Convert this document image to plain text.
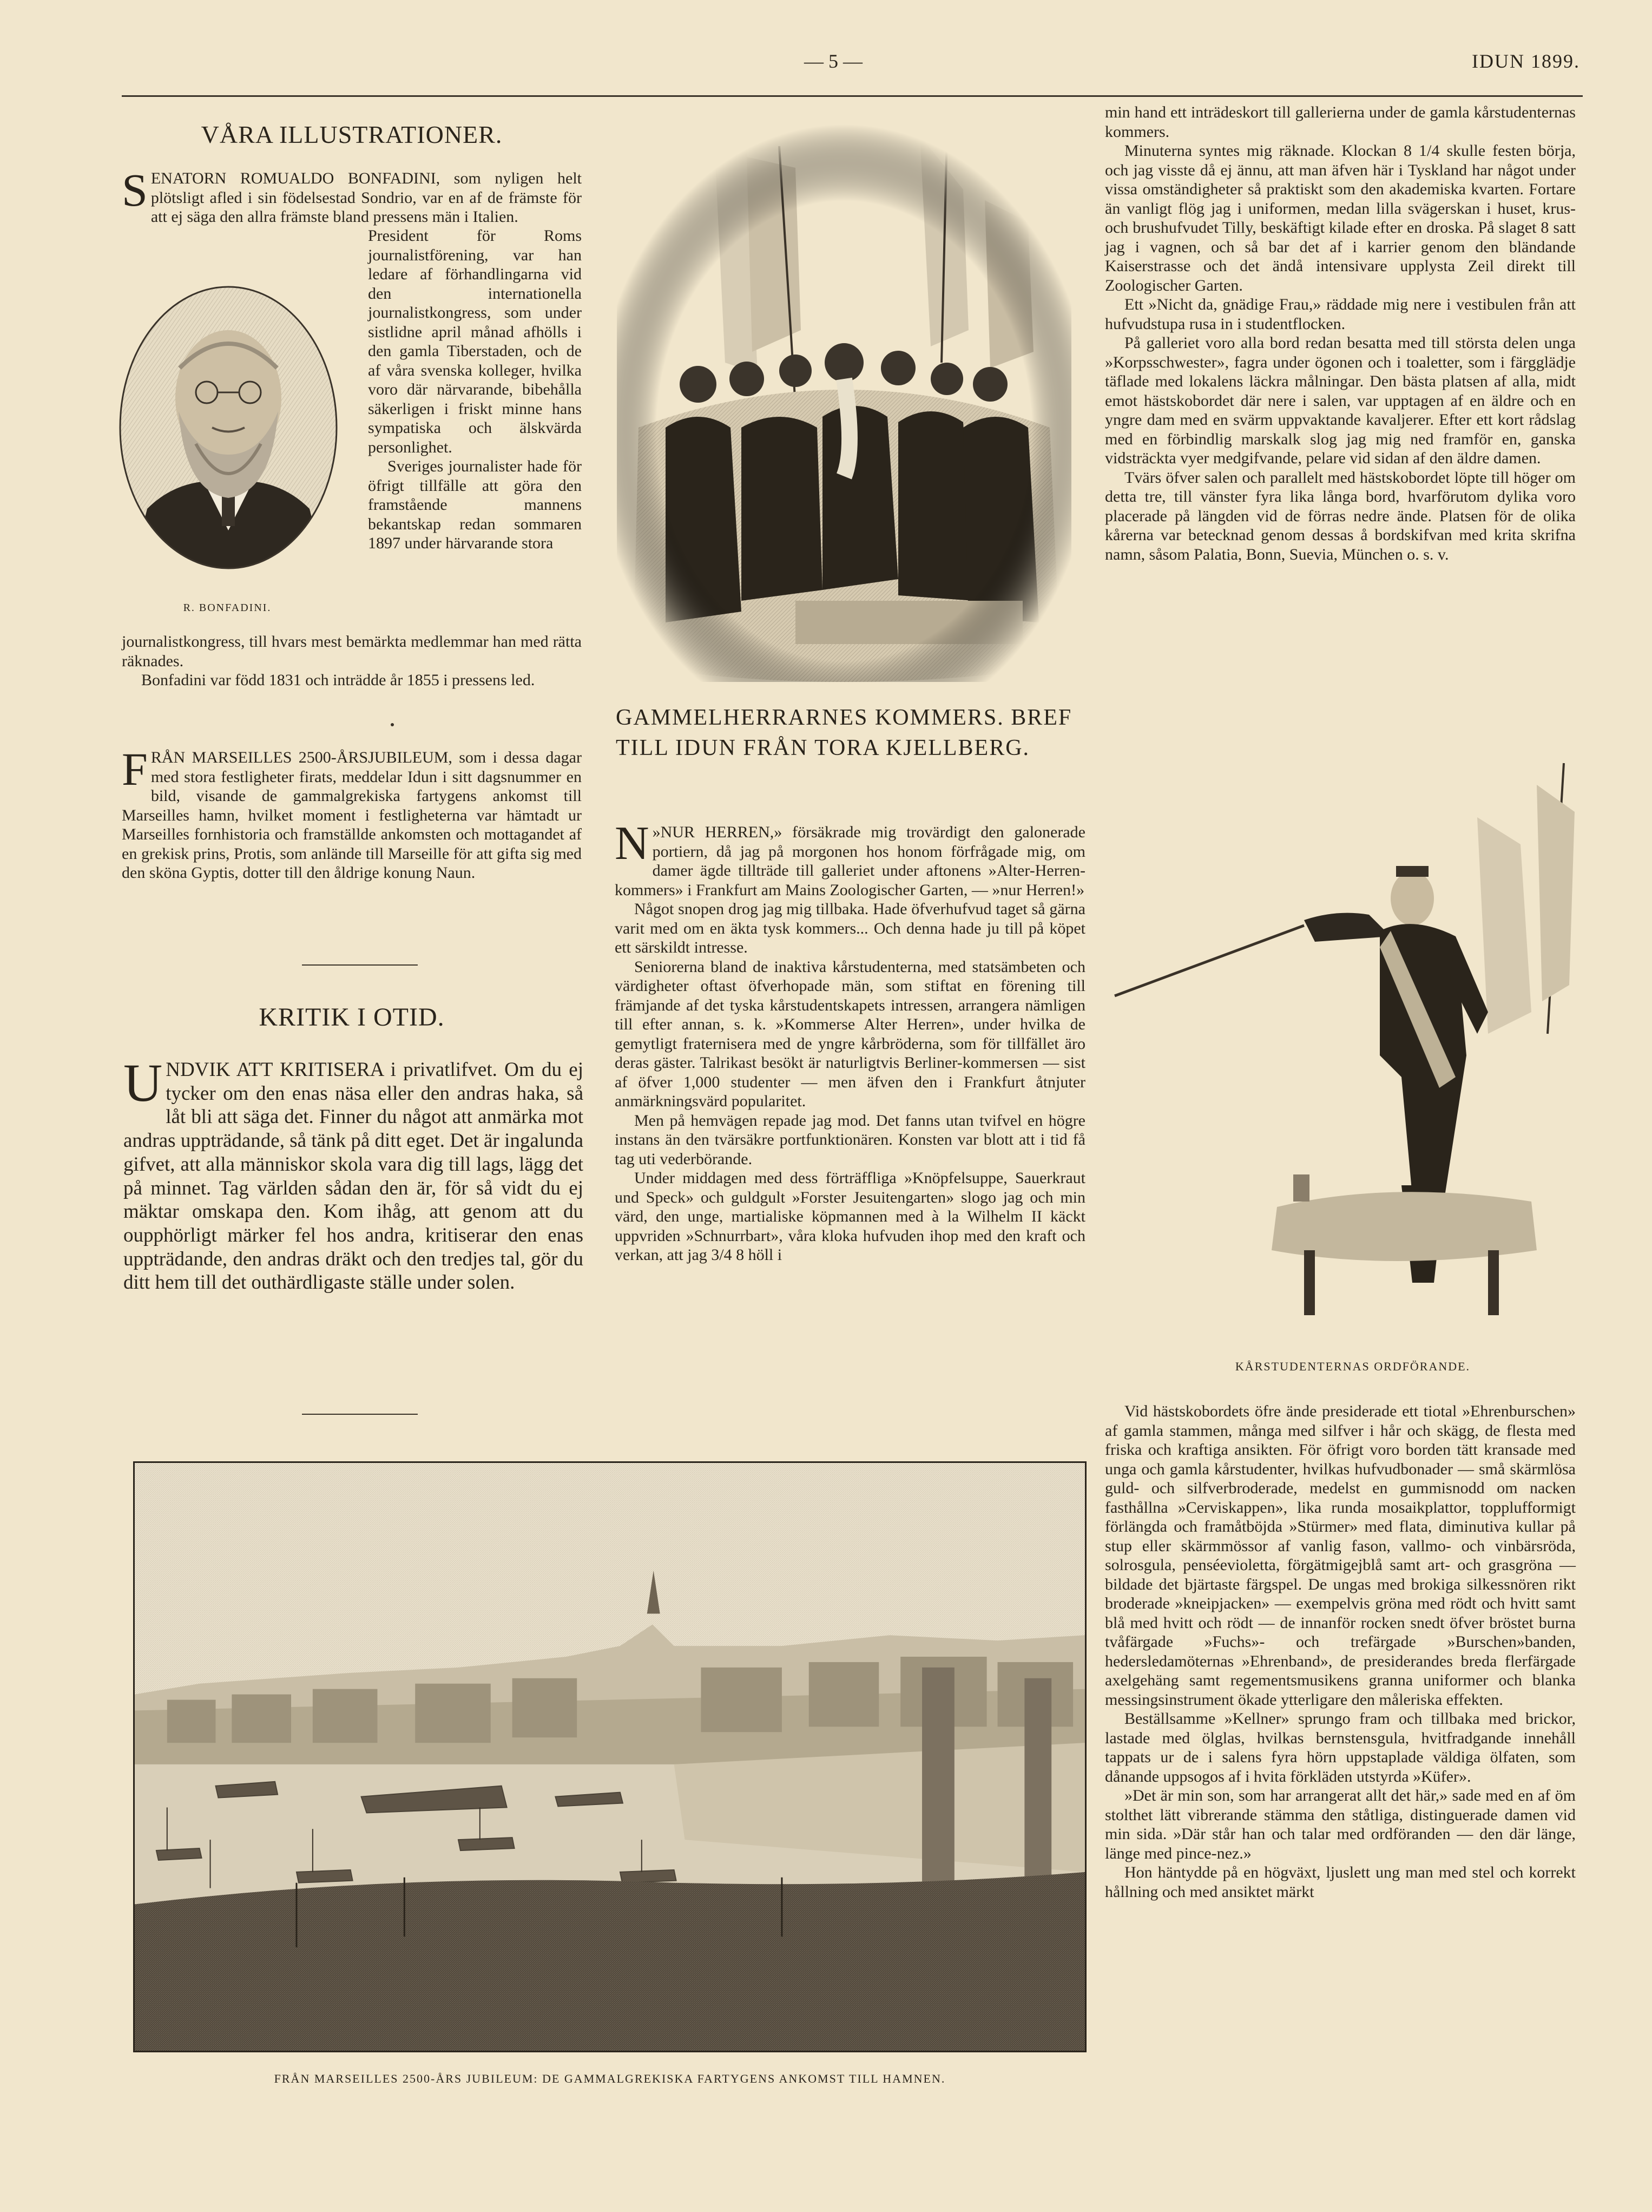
— 5 —	IDUN 1899.
VÅRA ILLUSTRATIONER.
SENATORN ROMUALDO BONFADINI, som nyligen helt plötsligt afled i sin födelsestad Sondrio, var en af de främste för att ej säga den allra främste bland pressens män i Italien.
R. BONFADINI.

President för Roms journalistförening, var han ledare af förhandlingarna vid den internationella journalistkongress, som under sistlidne april månad afhölls i den gamla Tiberstaden, och de af våra svenska kolleger, hvilka voro där närvarande, bibehålla säkerligen i friskt minne hans sympatiska och älskvärda personlighet.

Sveriges journalister hade för öfrigt tillfälle att göra den framstående mannens bekantskap redan sommaren 1897 under härvarande stora

journalistkongress, till hvars mest bemärkta medlemmar han med rätta räknades.

Bonfadini var född 1831 och inträdde år 1855 i pressens led.

FRÅN MARSEILLES 2500-ÅRSJUBILEUM, som i dessa dagar med stora festligheter firats, meddelar Idun i sitt dagsnummer en bild, visande de gammalgrekiska fartygens ankomst till Marseilles hamn, hvilket moment i festligheterna var hämtadt ur Marseilles fornhistoria och framställde ankomsten och mottagandet af en grekisk prins, Protis, som anlände till Marseille för att gifta sig med den sköna Gyptis, dotter till den åldrige konung Naun.
KRITIK I OTID.
UNDVIK ATT KRITISERA i privatlifvet. Om du ej tycker om den enas näsa eller den andras haka, så låt bli att säga det. Finner du något att anmärka mot andras uppträdande, så tänk på ditt eget. Det är ingalunda gifvet, att alla människor skola vara dig till lags, lägg det på minnet. Tag världen sådan den är, för så vidt du ej mäktar omskapa den. Kom ihåg, att genom att du oupphörligt märker fel hos andra, kritiserar den enas uppträdande, den andras dräkt och den tredjes tal, gör du ditt hem till det outhärdligaste ställe under solen.
GAMMELHERRARNES KOMMERS. BREF TILL IDUN FRÅN TORA KJELLBERG.
N »NUR HERREN,» försäkrade mig trovärdigt den galonerade portiern, då jag på morgonen hos honom förfrågade mig, om damer ägde tillträde till galleriet under aftonens »Alter-Herren-kommers» i Frankfurt am Mains Zoologischer Garten, — »nur Herren!»

Något snopen drog jag mig tillbaka. Hade öfverhufvud taget så gärna varit med om en äkta tysk kommers... Och denna hade ju till på köpet ett särskildt intresse.

Seniorerna bland de inaktiva kårstudenterna, med statsämbeten och värdigheter oftast öfverhopade män, som stiftat en förening till främjande af det tyska kårstudentskapets intressen, arrangera nämligen till efter annan, s. k. »Kommerse Alter Herren», under hvilka de gemytligt fraternisera med de yngre kårbröderna, som för tillfället äro deras gäster. Talrikast besökt är naturligtvis Berliner-kommersen — sist af öfver 1,000 studenter — men äfven den i Frankfurt åtnjuter anmärkningsvärd popularitet.

Men på hemvägen repade jag mod. Det fanns utan tvifvel en högre instans än den tvärsäkre portfunktionären. Konsten var blott att i tid få tag uti vederbörande.

Under middagen med dess förträffliga »Knöpfelsuppe, Sauerkraut und Speck» och guldgult »Forster Jesuitengarten» slogo jag och min värd, den unge, martialiske köpmannen med à la Wilhelm II käckt uppvriden »Schnurrbart», våra kloka hufvuden ihop med den kraft och verkan, att jag 3/4 8 höll i

min hand ett inträdeskort till gallerierna under de gamla kårstudenternas kommers.

Minuterna syntes mig räknade. Klockan 8 1/4 skulle festen börja, och jag visste då ej ännu, att man äfven här i Tyskland har något under vissa omständigheter så praktiskt som den akademiska kvarten. Fortare än vanligt flög jag i uniformen, medan lilla svägerskan i huset, krus- och brushufvudet Tilly, beskäftigt kilade efter en droska. På slaget 8 satt jag i vagnen, och så bar det af i karrier genom den bländande Kaiserstrasse och det ändå intensivare upplysta Zeil direkt till Zoologischer Garten.

Ett »Nicht da, gnädige Frau,» räddade mig nere i vestibulen från att hufvudstupa rusa in i studentflocken.

På galleriet voro alla bord redan besatta med till största delen unga »Korpsschwester», fagra under ögonen och i toaletter, som i färgglädje täflade med lokalens läckra målningar. Den bästa platsen af alla, midt emot hästskobordet där nere i salen, var upptagen af en äldre och en yngre dam med en svärm uppvaktande kavaljerer. Efter ett kort rådslag med en förbindlig marskalk slog jag mig ned framför en, ganska vidsträckta vyer medgifvande, pelare vid sidan af den äldre damen.

Tvärs öfver salen och parallelt med hästskobordet löpte till höger om detta tre, till vänster fyra lika långa bord, hvarförutom dylika voro placerade på längden vid de förras nedre ände. Platsen för de olika kårerna var betecknad genom dessas å bordskifvan med krita skrifna namn, såsom Palatia, Bonn, Suevia, München o. s. v.

KÅRSTUDENTERNAS ORDFÖRANDE.

Vid hästskobordets öfre ände presiderade ett tiotal »Ehrenburschen» af gamla stammen, många med silfver i hår och skägg, de flesta med friska och kraftiga ansikten. För öfrigt voro borden tätt kransade med unga och gamla kårstudenter, hvilkas hufvudbonader — små skärmlösa guld- och silfverbroderade, medelst en gummisnodd om nacken fasthållna »Cerviskappen», lika runda mosaikplattor, topplufformigt förlängda och framåtböjda »Stürmer» med flata, diminutiva kullar på stup eller skärmmössor af vanlig fason, vallmo- och vinbärsröda, solrosgula, penséevioletta, förgätmigejblå samt art- och grasgröna — bildade det bjärtaste färgspel. De ungas med brokiga silkessnören rikt broderade »kneipjacken» — exempelvis gröna med rödt och hvitt samt blå med hvitt och rödt — de innanför rocken snedt öfver bröstet burna tvåfärgade »Fuchs»- och trefärgade »Burschen»banden, hedersledamöternas »Ehrenband», de presiderandes breda flerfärgade axelgehäng samt regementsmusikens granna uniformer och blanka messingsinstrument ökade ytterligare den måleriska effekten.

Beställsamme »Kellner» sprungo fram och tillbaka med brickor, lastade med ölglas, hvilkas bernstensgula, hvitfradgande innehåll tappats ur de i salens fyra hörn uppstaplade väldiga ölfaten, som dånande uppsogos af i hvita förkläden utstyrda »Küfer».

»Det är min son, som har arrangerat allt det här,» sade med en af öm stolthet lätt vibrerande stämma den ståtliga, distinguerade damen vid min sida. »Där står han och talar med ordföranden — den där länge, länge med pince-nez.»

Hon häntydde på en högväxt, ljuslett ung man med stel och korrekt hållning och med ansiktet märkt

FRÅN MARSEILLES 2500-ÅRS JUBILEUM: DE GAMMALGREKISKA FARTYGENS ANKOMST TILL HAMNEN.
